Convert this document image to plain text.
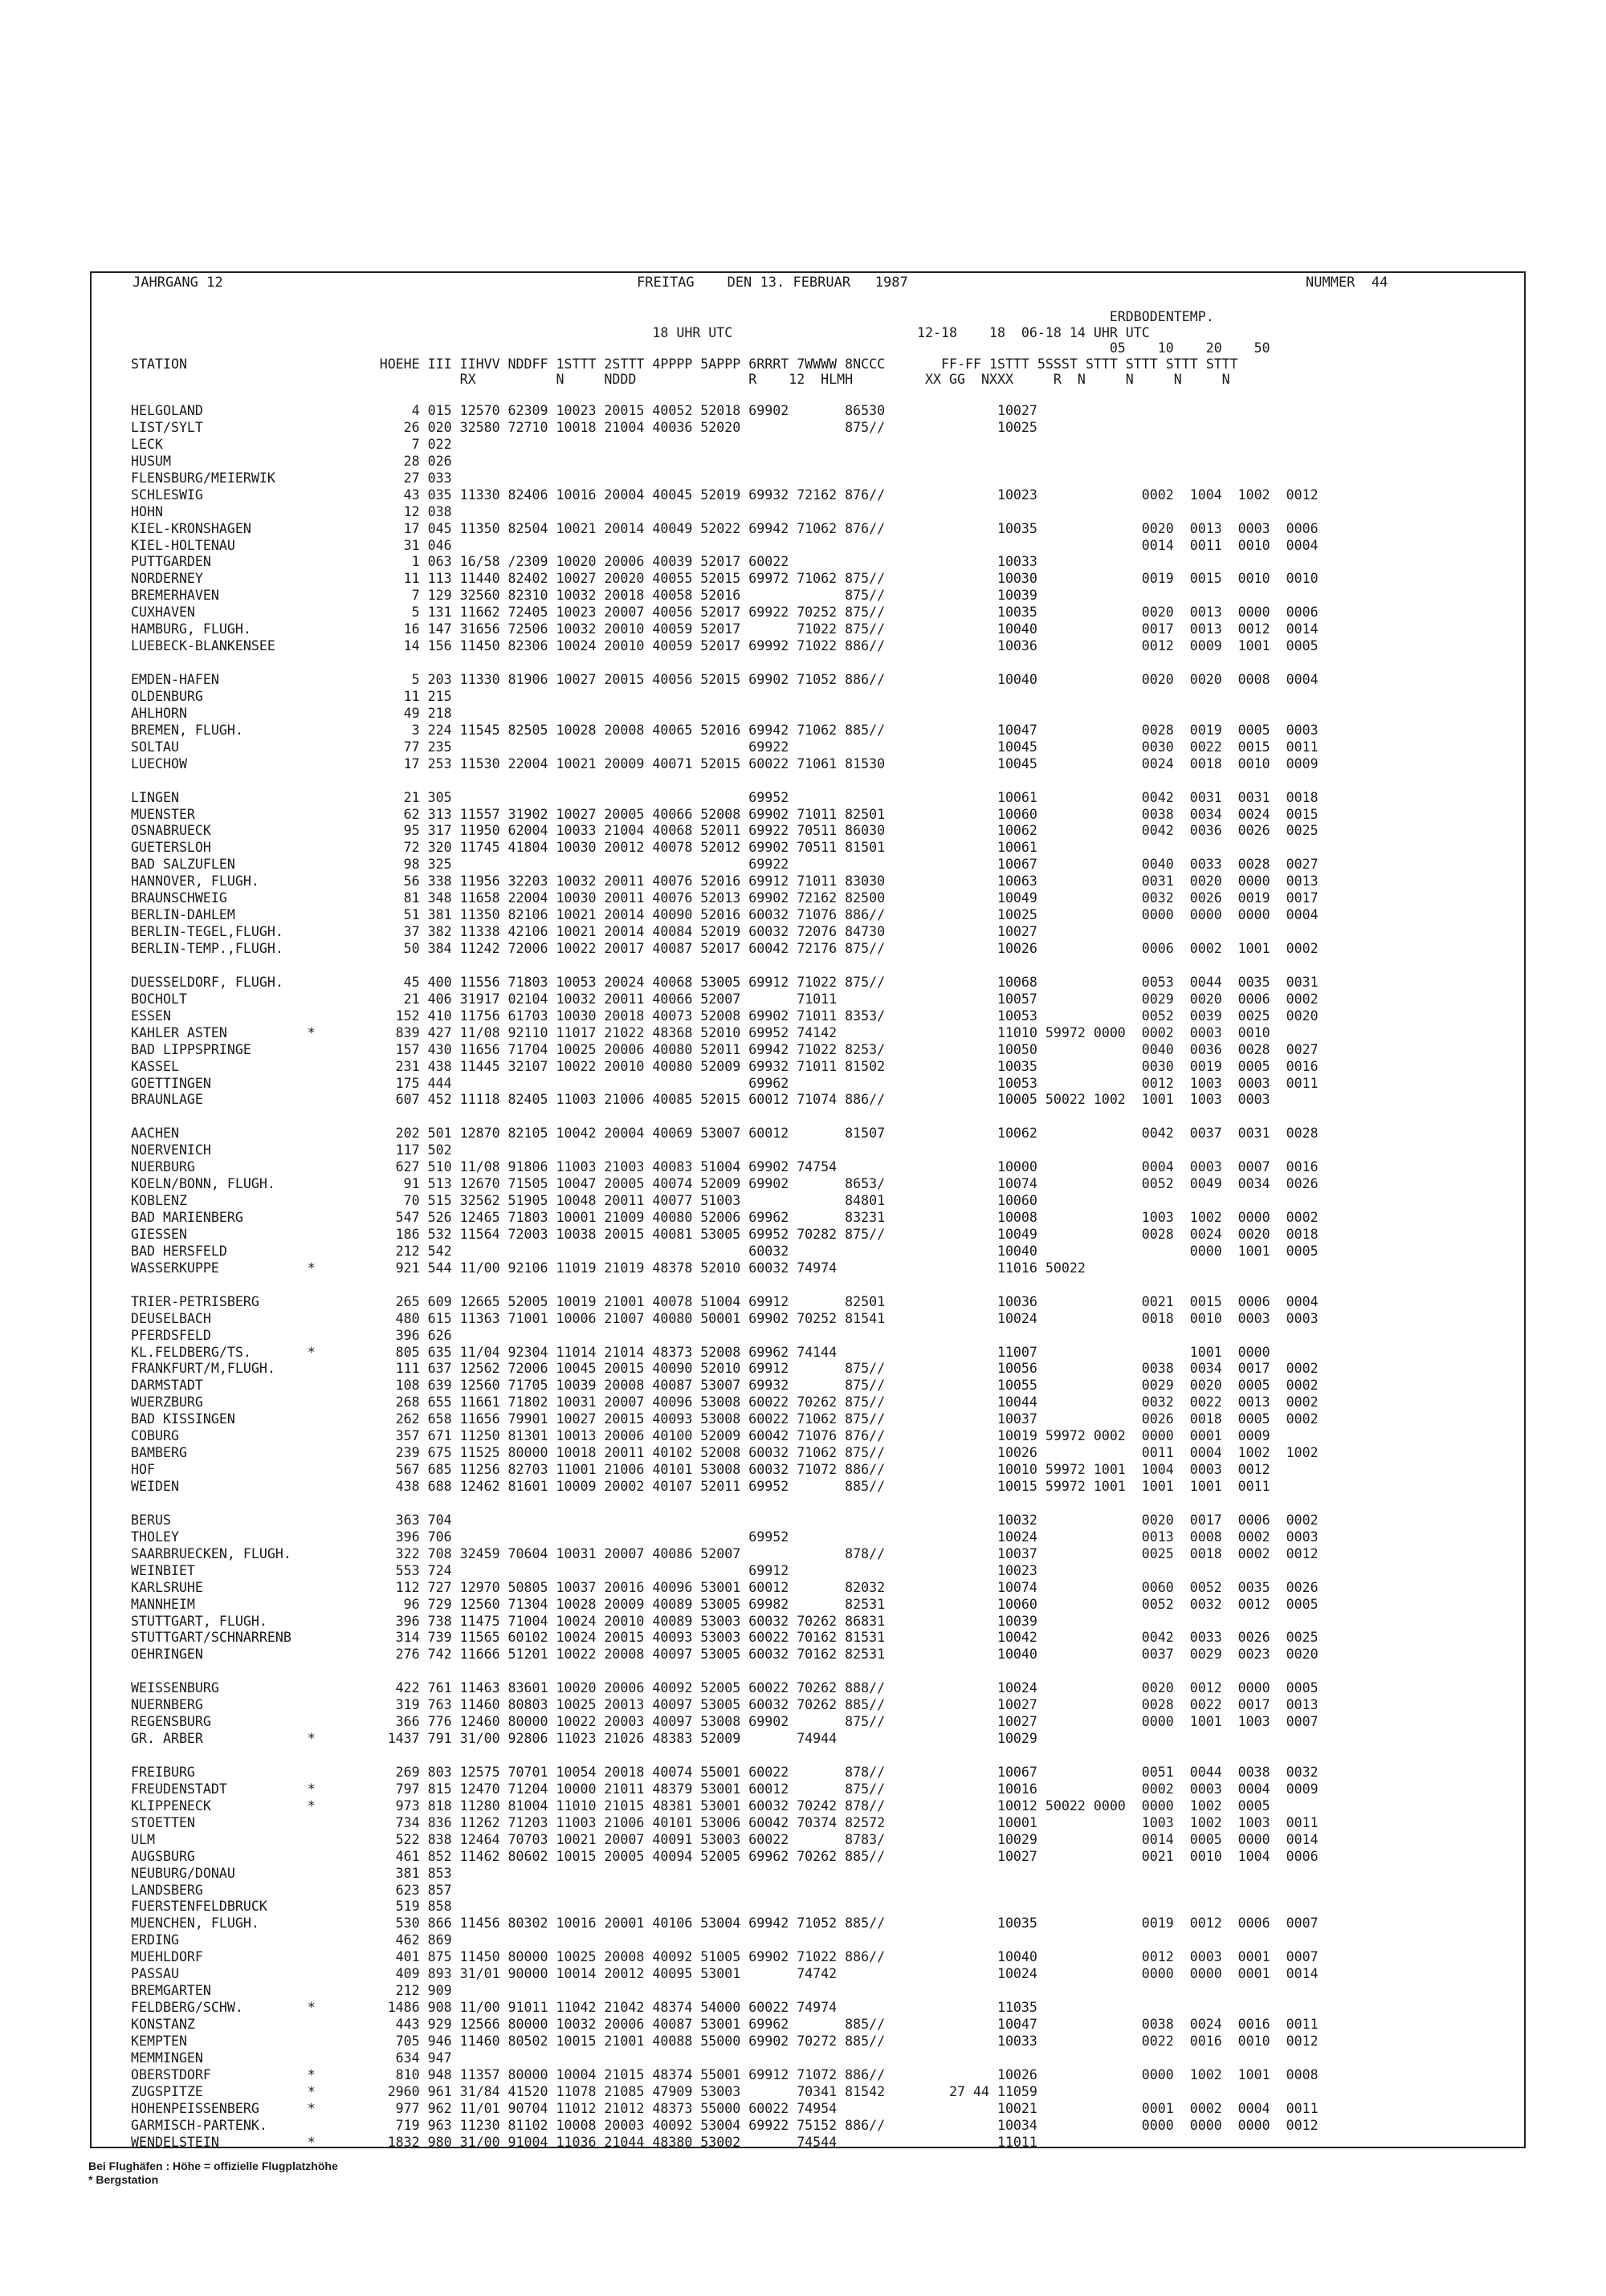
JAHRGANG 12	FREITAG    DEN 13. FEBRUAR   1987	NUMMER  44
ERDBODENTEMP.
18 UHR UTC                       12-18    18  06-18 14 UHR UTC
05    10    20    50
STATION                        HOEHE III IIHVV NDDFF 1STTT 2STTT 4PPPP 5APPP 6RRRT 7WWWW 8NCCC       FF-FF 1STTT 5SSST STTT STTT STTT STTT
RX          N     NDDD              R    12  HLMH         XX GG  NXXX     R  N     N     N     N
HELGOLAND                          4 015 12570 62309 10023 20015 40052 52018 69902       86530              10027
LIST/SYLT                         26 020 32580 72710 10018 21004 40036 52020             875//              10025
LECK                               7 022
HUSUM                             28 026
FLENSBURG/MEIERWIK                27 033
SCHLESWIG                         43 035 11330 82406 10016 20004 40045 52019 69932 72162 876//              10023             0002  1004  1002  0012
HOHN                              12 038
KIEL-KRONSHAGEN                   17 045 11350 82504 10021 20014 40049 52022 69942 71062 876//              10035             0020  0013  0003  0006
KIEL-HOLTENAU                     31 046                                                                                      0014  0011  0010  0004
PUTTGARDEN                         1 063 16/58 /2309 10020 20006 40039 52017 60022                          10033
NORDERNEY                         11 113 11440 82402 10027 20020 40055 52015 69972 71062 875//              10030             0019  0015  0010  0010
BREMERHAVEN                        7 129 32560 82310 10032 20018 40058 52016             875//              10039
CUXHAVEN                           5 131 11662 72405 10023 20007 40056 52017 69922 70252 875//              10035             0020  0013  0000  0006
HAMBURG, FLUGH.                   16 147 31656 72506 10032 20010 40059 52017       71022 875//              10040             0017  0013  0012  0014
LUEBECK-BLANKENSEE                14 156 11450 82306 10024 20010 40059 52017 69992 71022 886//              10036             0012  0009  1001  0005
EMDEN-HAFEN                        5 203 11330 81906 10027 20015 40056 52015 69902 71052 886//              10040             0020  0020  0008  0004
OLDENBURG                         11 215
AHLHORN                           49 218
BREMEN, FLUGH.                     3 224 11545 82505 10028 20008 40065 52016 69942 71062 885//              10047             0028  0019  0005  0003
SOLTAU                            77 235                                     69922                          10045             0030  0022  0015  0011
LUECHOW                           17 253 11530 22004 10021 20009 40071 52015 60022 71061 81530              10045             0024  0018  0010  0009
LINGEN                            21 305                                     69952                          10061             0042  0031  0031  0018
MUENSTER                          62 313 11557 31902 10027 20005 40066 52008 69902 71011 82501              10060             0038  0034  0024  0015
OSNABRUECK                        95 317 11950 62004 10033 21004 40068 52011 69922 70511 86030              10062             0042  0036  0026  0025
GUETERSLOH                        72 320 11745 41804 10030 20012 40078 52012 69902 70511 81501              10061
BAD SALZUFLEN                     98 325                                     69922                          10067             0040  0033  0028  0027
HANNOVER, FLUGH.                  56 338 11956 32203 10032 20011 40076 52016 69912 71011 83030              10063             0031  0020  0000  0013
BRAUNSCHWEIG                      81 348 11658 22004 10030 20011 40076 52013 69902 72162 82500              10049             0032  0026  0019  0017
BERLIN-DAHLEM                     51 381 11350 82106 10021 20014 40090 52016 60032 71076 886//              10025             0000  0000  0000  0004
BERLIN-TEGEL,FLUGH.               37 382 11338 42106 10021 20014 40084 52019 60032 72076 84730              10027
BERLIN-TEMP.,FLUGH.               50 384 11242 72006 10022 20017 40087 52017 60042 72176 875//              10026             0006  0002  1001  0002
DUESSELDORF, FLUGH.               45 400 11556 71803 10053 20024 40068 53005 69912 71022 875//              10068             0053  0044  0035  0031
BOCHOLT                           21 406 31917 02104 10032 20011 40066 52007       71011                    10057             0029  0020  0006  0002
ESSEN                            152 410 11756 61703 10030 20018 40073 52008 69902 71011 8353/              10053             0052  0039  0025  0020
KAHLER ASTEN          *          839 427 11/08 92110 11017 21022 48368 52010 69952 74142                    11010 59972 0000  0002  0003  0010
BAD LIPPSPRINGE                  157 430 11656 71704 10025 20006 40080 52011 69942 71022 8253/              10050             0040  0036  0028  0027
KASSEL                           231 438 11445 32107 10022 20010 40080 52009 69932 71011 81502              10035             0030  0019  0005  0016
GOETTINGEN                       175 444                                     69962                          10053             0012  1003  0003  0011
BRAUNLAGE                        607 452 11118 82405 11003 21006 40085 52015 60012 71074 886//              10005 50022 1002  1001  1003  0003
AACHEN                           202 501 12870 82105 10042 20004 40069 53007 60012       81507              10062             0042  0037  0031  0028
NOERVENICH                       117 502
NUERBURG                         627 510 11/08 91806 11003 21003 40083 51004 69902 74754                    10000             0004  0003  0007  0016
KOELN/BONN, FLUGH.                91 513 12670 71505 10047 20005 40074 52009 69902       8653/              10074             0052  0049  0034  0026
KOBLENZ                           70 515 32562 51905 10048 20011 40077 51003             84801              10060
BAD MARIENBERG                   547 526 12465 71803 10001 21009 40080 52006 69962       83231              10008             1003  1002  0000  0002
GIESSEN                          186 532 11564 72003 10038 20015 40081 53005 69952 70282 875//              10049             0028  0024  0020  0018
BAD HERSFELD                     212 542                                     60032                          10040                   0000  1001  0005
WASSERKUPPE           *          921 544 11/00 92106 11019 21019 48378 52010 60032 74974                    11016 50022
TRIER-PETRISBERG                 265 609 12665 52005 10019 21001 40078 51004 69912       82501              10036             0021  0015  0006  0004
DEUSELBACH                       480 615 11363 71001 10006 21007 40080 50001 69902 70252 81541              10024             0018  0010  0003  0003
PFERDSFELD                       396 626
KL.FELDBERG/TS.       *          805 635 11/04 92304 11014 21014 48373 52008 69962 74144                    11007                   1001  0000
FRANKFURT/M,FLUGH.               111 637 12562 72006 10045 20015 40090 52010 69912       875//              10056             0038  0034  0017  0002
DARMSTADT                        108 639 12560 71705 10039 20008 40087 53007 69932       875//              10055             0029  0020  0005  0002
WUERZBURG                        268 655 11661 71802 10031 20007 40096 53008 60022 70262 875//              10044             0032  0022  0013  0002
BAD KISSINGEN                    262 658 11656 79901 10027 20015 40093 53008 60022 71062 875//              10037             0026  0018  0005  0002
COBURG                           357 671 11250 81301 10013 20006 40100 52009 60042 71076 876//              10019 59972 0002  0000  0001  0009
BAMBERG                          239 675 11525 80000 10018 20011 40102 52008 60032 71062 875//              10026             0011  0004  1002  1002
HOF                              567 685 11256 82703 11001 21006 40101 53008 60032 71072 886//              10010 59972 1001  1004  0003  0012
WEIDEN                           438 688 12462 81601 10009 20002 40107 52011 69952       885//              10015 59972 1001  1001  1001  0011
BERUS                            363 704                                                                    10032             0020  0017  0006  0002
THOLEY                           396 706                                     69952                          10024             0013  0008  0002  0003
SAARBRUECKEN, FLUGH.             322 708 32459 70604 10031 20007 40086 52007             878//              10037             0025  0018  0002  0012
WEINBIET                         553 724                                     69912                          10023
KARLSRUHE                        112 727 12970 50805 10037 20016 40096 53001 60012       82032              10074             0060  0052  0035  0026
MANNHEIM                          96 729 12560 71304 10028 20009 40089 53005 69982       82531              10060             0052  0032  0012  0005
STUTTGART, FLUGH.                396 738 11475 71004 10024 20010 40089 53003 60032 70262 86831              10039
STUTTGART/SCHNARRENB             314 739 11565 60102 10024 20015 40093 53003 60022 70162 81531              10042             0042  0033  0026  0025
OEHRINGEN                        276 742 11666 51201 10022 20008 40097 53005 60032 70162 82531              10040             0037  0029  0023  0020
WEISSENBURG                      422 761 11463 83601 10020 20006 40092 52005 60022 70262 888//              10024             0020  0012  0000  0005
NUERNBERG                        319 763 11460 80803 10025 20013 40097 53005 60032 70262 885//              10027             0028  0022  0017  0013
REGENSBURG                       366 776 12460 80000 10022 20003 40097 53008 69902       875//              10027             0000  1001  1003  0007
GR. ARBER             *         1437 791 31/00 92806 11023 21026 48383 52009       74944                    10029
FREIBURG                         269 803 12575 70701 10054 20018 40074 55001 60022       878//              10067             0051  0044  0038  0032
FREUDENSTADT          *          797 815 12470 71204 10000 21011 48379 53001 60012       875//              10016             0002  0003  0004  0009
KLIPPENECK            *          973 818 11280 81004 11010 21015 48381 53001 60032 70242 878//              10012 50022 0000  0000  1002  0005
STOETTEN                         734 836 11262 71203 11003 21006 40101 53006 60042 70374 82572              10001             1003  1002  1003  0011
ULM                              522 838 12464 70703 10021 20007 40091 53003 60022       8783/              10029             0014  0005  0000  0014
AUGSBURG                         461 852 11462 80602 10015 20005 40094 52005 69962 70262 885//              10027             0021  0010  1004  0006
NEUBURG/DONAU                    381 853
LANDSBERG                        623 857
FUERSTENFELDBRUCK                519 858
MUENCHEN, FLUGH.                 530 866 11456 80302 10016 20001 40106 53004 69942 71052 885//              10035             0019  0012  0006  0007
ERDING                           462 869
MUEHLDORF                        401 875 11450 80000 10025 20008 40092 51005 69902 71022 886//              10040             0012  0003  0001  0007
PASSAU                           409 893 31/01 90000 10014 20012 40095 53001       74742                    10024             0000  0000  0001  0014
BREMGARTEN                       212 909
FELDBERG/SCHW.        *         1486 908 11/00 91011 11042 21042 48374 54000 60022 74974                    11035
KONSTANZ                         443 929 12566 80000 10032 20006 40087 53001 69962       885//              10047             0038  0024  0016  0011
KEMPTEN                          705 946 11460 80502 10015 21001 40088 55000 69902 70272 885//              10033             0022  0016  0010  0012
MEMMINGEN                        634 947
OBERSTDORF            *          810 948 11357 80000 10004 21015 48374 55001 69912 71072 886//              10026             0000  1002  1001  0008
ZUGSPITZE             *         2960 961 31/84 41520 11078 21085 47909 53003       70341 81542        27 44 11059
HOHENPEISSENBERG      *          977 962 11/01 90704 11012 21012 48373 55000 60022 74954                    10021             0001  0002  0004  0011
GARMISCH-PARTENK.                719 963 11230 81102 10008 20003 40092 53004 69922 75152 886//              10034             0000  0000  0000  0012
WENDELSTEIN           *         1832 980 31/00 91004 11036 21044 48380 53002       74544                    11011
Bei Flughäfen : Höhe = offizielle Flugplatzhöhe
* Bergstation
